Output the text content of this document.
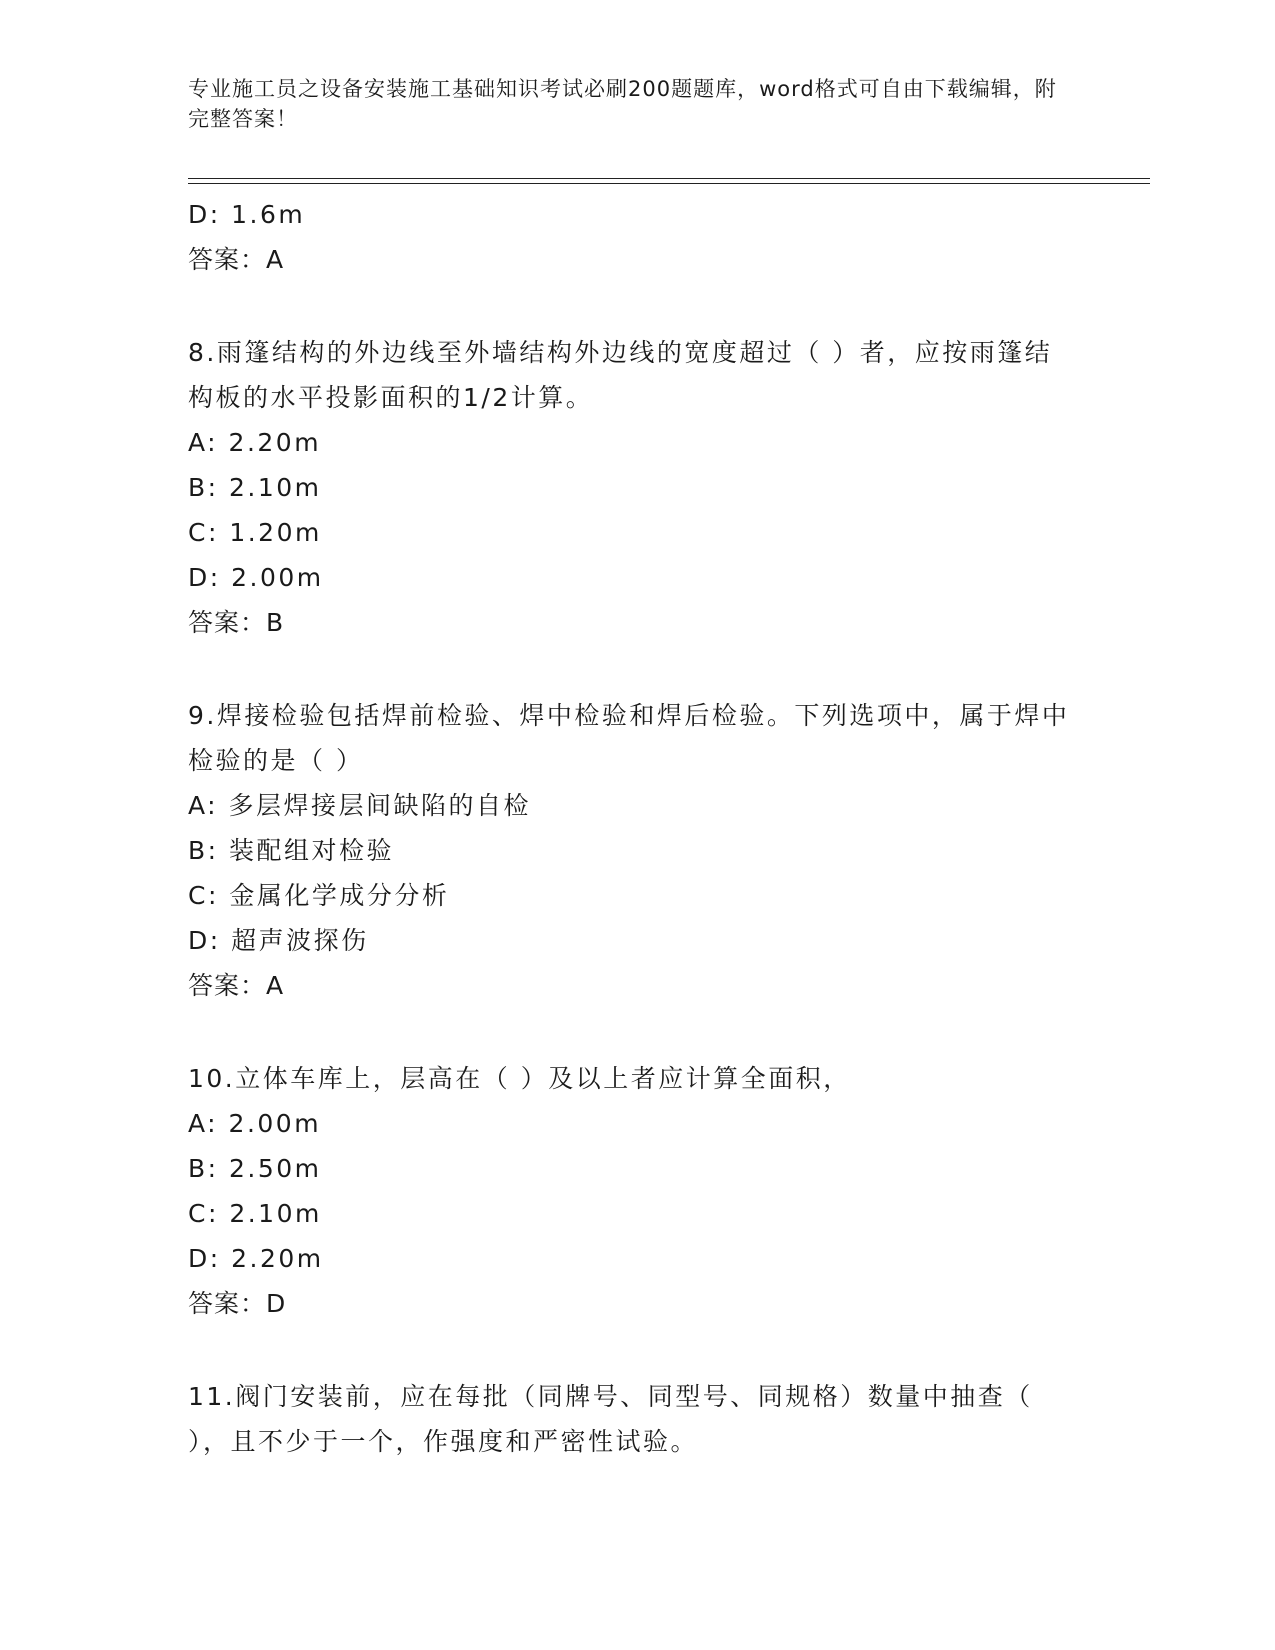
专业施工员之设备安装施工基础知识考试必刷200题题库，word格式可自由下载编辑，附完整答案！
D: 1.6m
答案：A
8.雨篷结构的外边线至外墙结构外边线的宽度超过（ ）者，应按雨篷结构板的水平投影面积的1/2计算。
A: 2.20m
B: 2.10m
C: 1.20m
D: 2.00m
答案：B
9.焊接检验包括焊前检验、焊中检验和焊后检验。下列选项中，属于焊中检验的是（ ）
A: 多层焊接层间缺陷的自检
B: 装配组对检验
C: 金属化学成分分析
D: 超声波探伤
答案：A
10.立体车库上，层高在（ ）及以上者应计算全面积，
A: 2.00m
B: 2.50m
C: 2.10m
D: 2.20m
答案：D
11.阀门安装前，应在每批（同牌号、同型号、同规格）数量中抽查（ ），且不少于一个，作强度和严密性试验。
